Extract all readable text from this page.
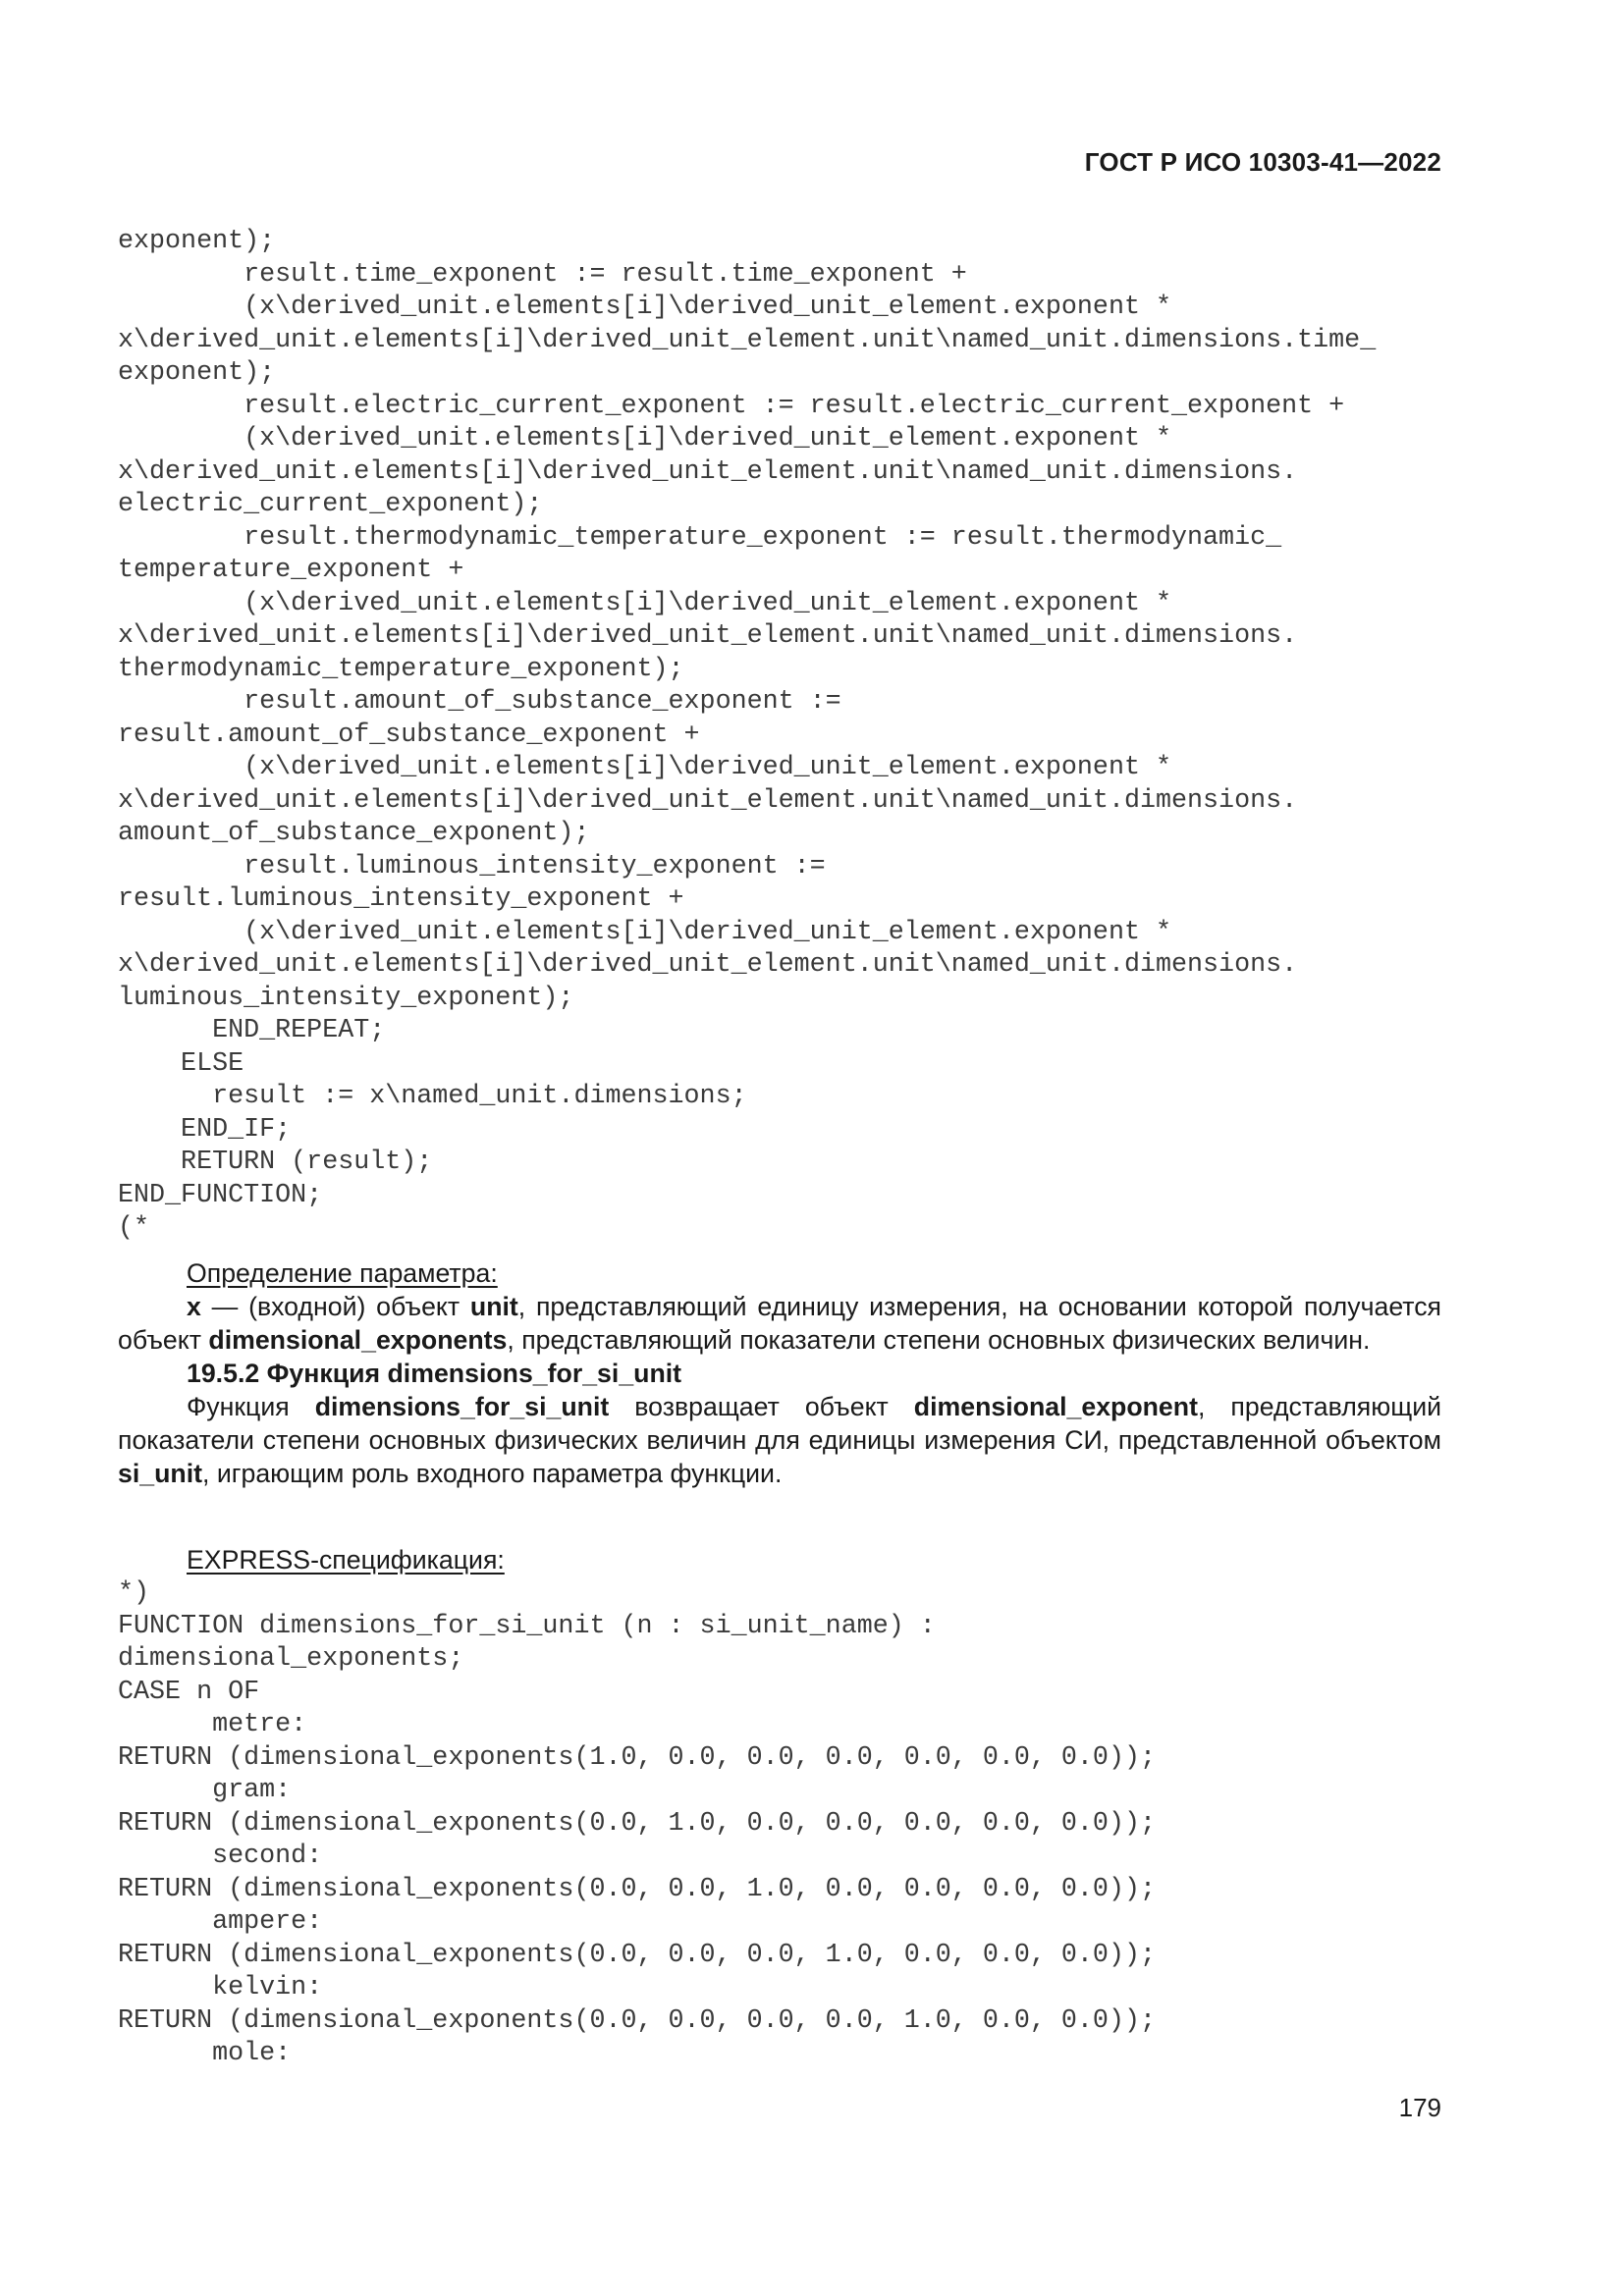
ГОСТ Р ИСО 10303-41—2022
exponent);
result.time_exponent := result.time_exponent +
(x\derived_unit.elements[i]\derived_unit_element.exponent *
x\derived_unit.elements[i]\derived_unit_element.unit\named_unit.dimensions.time_
exponent);
result.electric_current_exponent := result.electric_current_exponent +
(x\derived_unit.elements[i]\derived_unit_element.exponent *
x\derived_unit.elements[i]\derived_unit_element.unit\named_unit.dimensions.
electric_current_exponent);
result.thermodynamic_temperature_exponent := result.thermodynamic_
temperature_exponent +
(x\derived_unit.elements[i]\derived_unit_element.exponent *
x\derived_unit.elements[i]\derived_unit_element.unit\named_unit.dimensions.
thermodynamic_temperature_exponent);
result.amount_of_substance_exponent :=
result.amount_of_substance_exponent +
(x\derived_unit.elements[i]\derived_unit_element.exponent *
x\derived_unit.elements[i]\derived_unit_element.unit\named_unit.dimensions.
amount_of_substance_exponent);
result.luminous_intensity_exponent :=
result.luminous_intensity_exponent +
(x\derived_unit.elements[i]\derived_unit_element.exponent *
x\derived_unit.elements[i]\derived_unit_element.unit\named_unit.dimensions.
luminous_intensity_exponent);
END_REPEAT;
ELSE
result := x\named_unit.dimensions;
END_IF;
RETURN (result);
END_FUNCTION;
(*

Определение параметра:

x — (входной) объект unit, представляющий единицу измерения, на основании которой получается объект dimensional_exponents, представляющий показатели степени основных физических величин.

19.5.2 Функция dimensions_for_si_unit

Функция dimensions_for_si_unit возвращает объект dimensional_exponent, представляющий показатели степени основных физических величин для единицы измерения СИ, представленной объектом si_unit, играющим роль входного параметра функции.

EXPRESS-спецификация:

*)
FUNCTION dimensions_for_si_unit (n : si_unit_name) :
dimensional_exponents;
CASE n OF
metre:
RETURN (dimensional_exponents(1.0, 0.0, 0.0, 0.0, 0.0, 0.0, 0.0));
gram:
RETURN (dimensional_exponents(0.0, 1.0, 0.0, 0.0, 0.0, 0.0, 0.0));
second:
RETURN (dimensional_exponents(0.0, 0.0, 1.0, 0.0, 0.0, 0.0, 0.0));
ampere:
RETURN (dimensional_exponents(0.0, 0.0, 0.0, 1.0, 0.0, 0.0, 0.0));
kelvin:
RETURN (dimensional_exponents(0.0, 0.0, 0.0, 0.0, 1.0, 0.0, 0.0));
mole:
179
